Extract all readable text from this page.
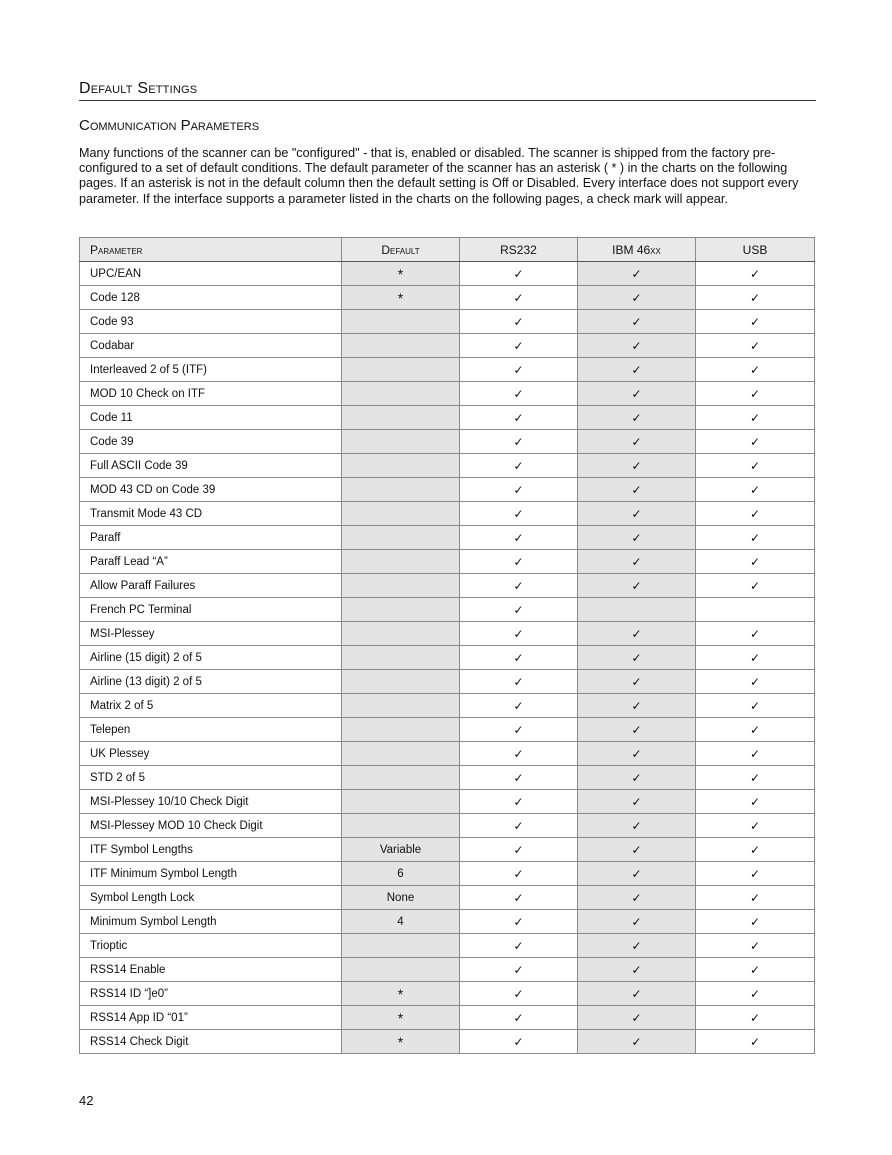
Default Settings
Communication Parameters

Many functions of the scanner can be "configured" - that is, enabled or disabled. The scanner is shipped from the factory pre-configured to a set of default conditions. The default parameter of the scanner has an asterisk ( * ) in the charts on the following pages. If an asterisk is not in the default column then the default setting is Off or Disabled. Every interface does not support every parameter. If the interface supports a parameter listed in the charts on the following pages, a check mark will appear.

Parameter	Default	RS232	IBM 46xx	USB
UPC/EAN	*	✓	✓	✓
Code 128	*	✓	✓	✓
Code 93		✓	✓	✓
Codabar		✓	✓	✓
Interleaved 2 of 5 (ITF)		✓	✓	✓
MOD 10 Check on ITF		✓	✓	✓
Code 11		✓	✓	✓
Code 39		✓	✓	✓
Full ASCII Code 39		✓	✓	✓
MOD 43 CD on Code 39		✓	✓	✓
Transmit Mode 43 CD		✓	✓	✓
Paraff		✓	✓	✓
Paraff Lead “A”		✓	✓	✓
Allow Paraff Failures		✓	✓	✓
French PC Terminal		✓		
MSI-Plessey		✓	✓	✓
Airline (15 digit) 2 of 5		✓	✓	✓
Airline (13 digit) 2 of 5		✓	✓	✓
Matrix 2 of 5		✓	✓	✓
Telepen		✓	✓	✓
UK Plessey		✓	✓	✓
STD 2 of 5		✓	✓	✓
MSI-Plessey 10/10 Check Digit		✓	✓	✓
MSI-Plessey MOD 10 Check Digit		✓	✓	✓
ITF Symbol Lengths	Variable	✓	✓	✓
ITF Minimum Symbol Length	6	✓	✓	✓
Symbol Length Lock	None	✓	✓	✓
Minimum Symbol Length	4	✓	✓	✓
Trioptic		✓	✓	✓
RSS14 Enable		✓	✓	✓
RSS14 ID “]e0”	*	✓	✓	✓
RSS14 App ID “01”	*	✓	✓	✓
RSS14 Check Digit	*	✓	✓	✓
42
